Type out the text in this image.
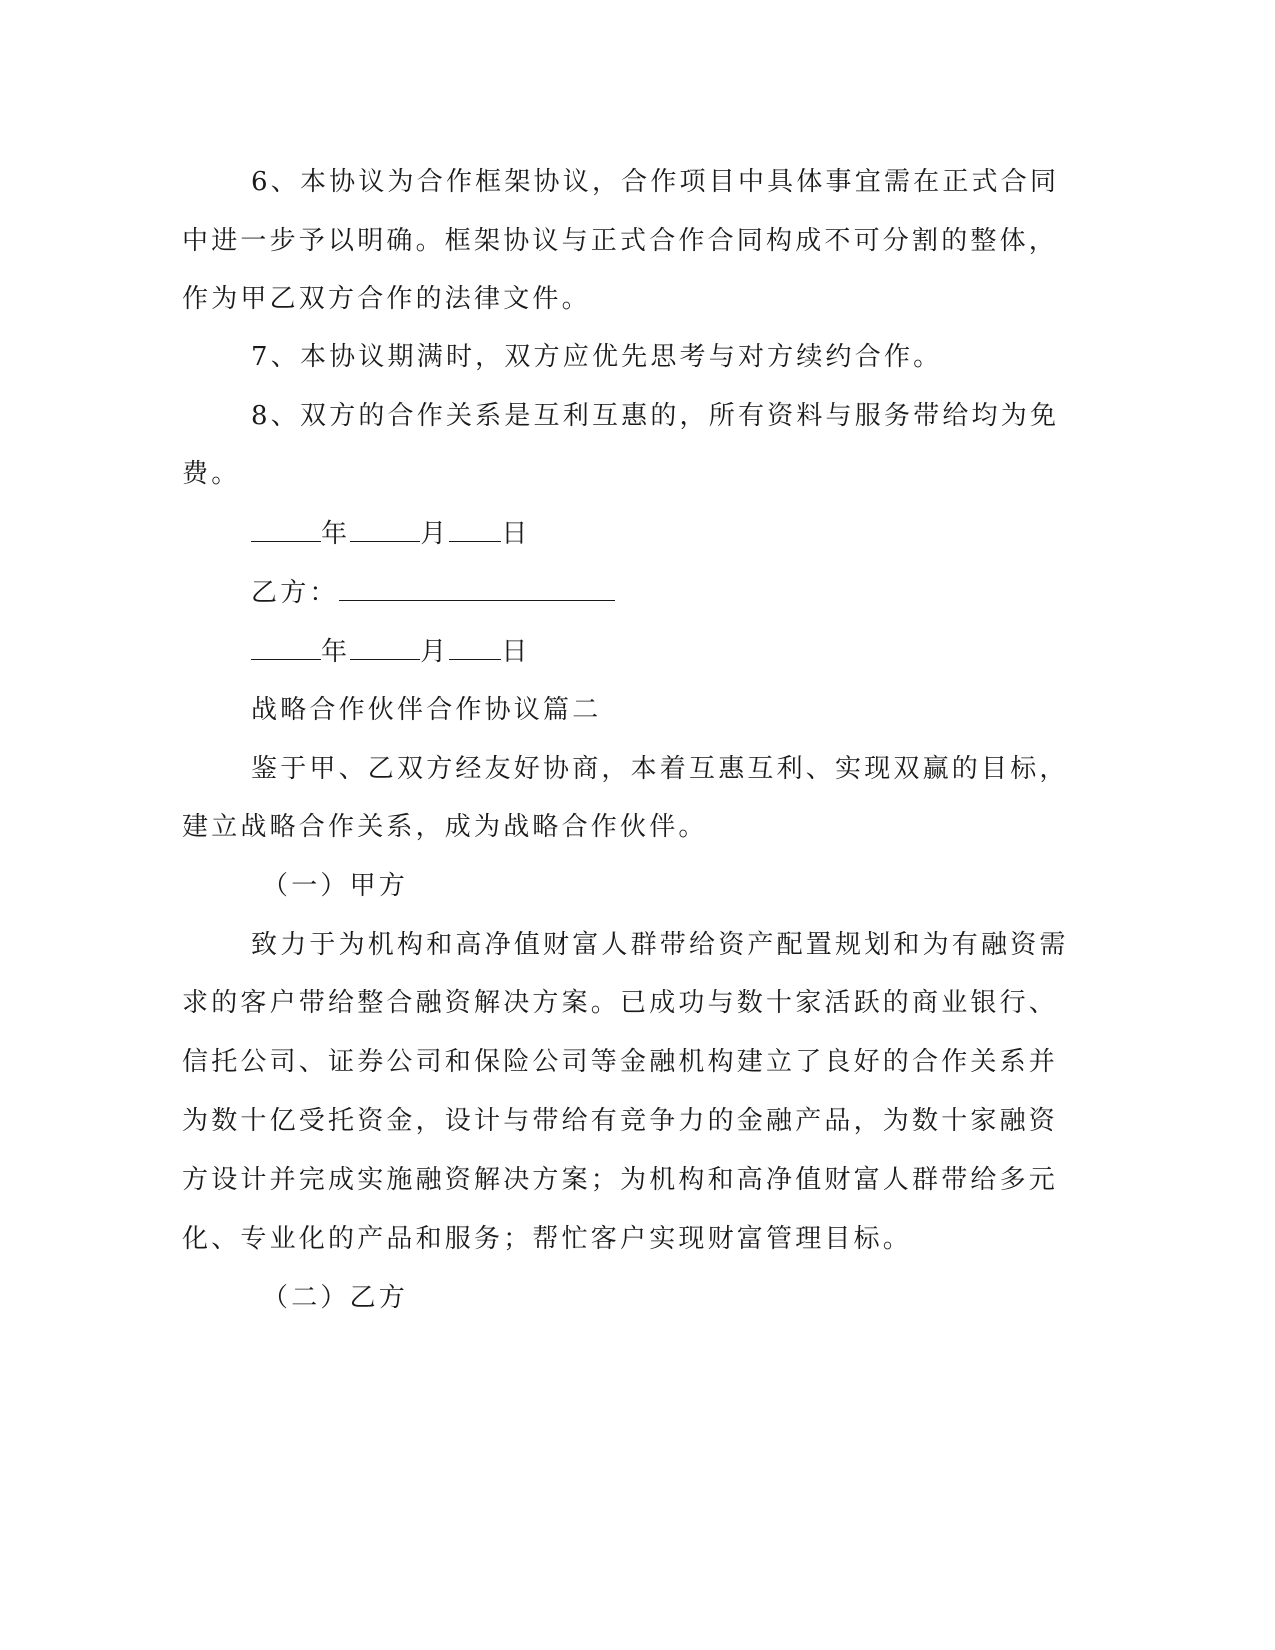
6、本协议为合作框架协议，合作项目中具体事宜需在正式合同
中进一步予以明确。框架协议与正式合作合同构成不可分割的整体，
作为甲乙双方合作的法律文件。
7、本协议期满时，双方应优先思考与对方续约合作。
8、双方的合作关系是互利互惠的，所有资料与服务带给均为免
费。
年	月 日
乙方：
年	月 日
战略合作伙伴合作协议篇二
鉴于甲、乙双方经友好协商，本着互惠互利、实现双赢的目标，
建立战略合作关系，成为战略合作伙伴。
（一）甲方
致力于为机构和高净值财富人群带给资产配置规划和为有融资需
求的客户带给整合融资解决方案。已成功与数十家活跃的商业银行、
信托公司、证券公司和保险公司等金融机构建立了良好的合作关系并
为数十亿受托资金，设计与带给有竞争力的金融产品，为数十家融资
方设计并完成实施融资解决方案；为机构和高净值财富人群带给多元
化、专业化的产品和服务；帮忙客户实现财富管理目标。
（二）乙方
